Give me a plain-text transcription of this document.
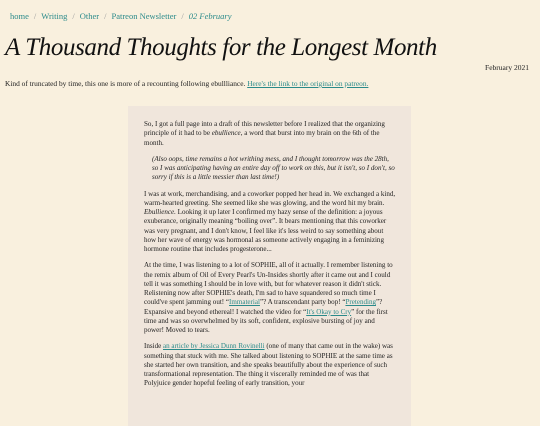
home / Writing / Other / Patreon Newsletter / 02 February
A Thousand Thoughts for the Longest Month
February 2021

Kind of truncated by time, this one is more of a recounting following ebullliance. Here's the link to the original on patreon.

So, I got a full page into a draft of this newsletter before I realized that the organizing principle of it had to be ebullience, a word that burst into my brain on the 6th of the month.

(Also oops, time remains a hot writhing mess, and I thought tomorrow was the 28th, so I was anticipating having an entire day off to work on this, but it isn't, so I don't, so sorry if this is a little messier than last time!)

I was at work, merchandising, and a coworker popped her head in. We exchanged a kind, warm-hearted greeting. She seemed like she was glowing, and the word hit my brain. Ebullience. Looking it up later I confirmed my hazy sense of the definition: a joyous exuberance, originally meaning “boiling over”. It bears mentioning that this coworker was very pregnant, and I don't know, I feel like it's less weird to say something about how her wave of energy was hormonal as someone actively engaging in a feminizing hormone routine that includes progesterone...

At the time, I was listening to a lot of SOPHIE, all of it actually. I remember listening to the remix album of Oil of Every Pearl's Un-Insides shortly after it came out and I could tell it was something I should be in love with, but for whatever reason it didn't stick. Relistening now after SOPHIE's death, I'm sad to have squandered so much time I could've spent jamming out! “Immaterial”? A transcendant party bop! “Pretending”? Expansive and beyond ethereal! I watched the video for “It's Okay to Cry” for the first time and was so overwhelmed by its soft, confident, explosive bursting of joy and power! Moved to tears.

Inside an article by Jessica Dunn Rovinelli (one of many that came out in the wake) was something that stuck with me. She talked about listening to SOPHIE at the same time as she started her own transition, and she speaks beautifully about the experience of such transformational representation. The thing it viscerally reminded me of was that Polyjuice gender hopeful feeling of early transition, your
